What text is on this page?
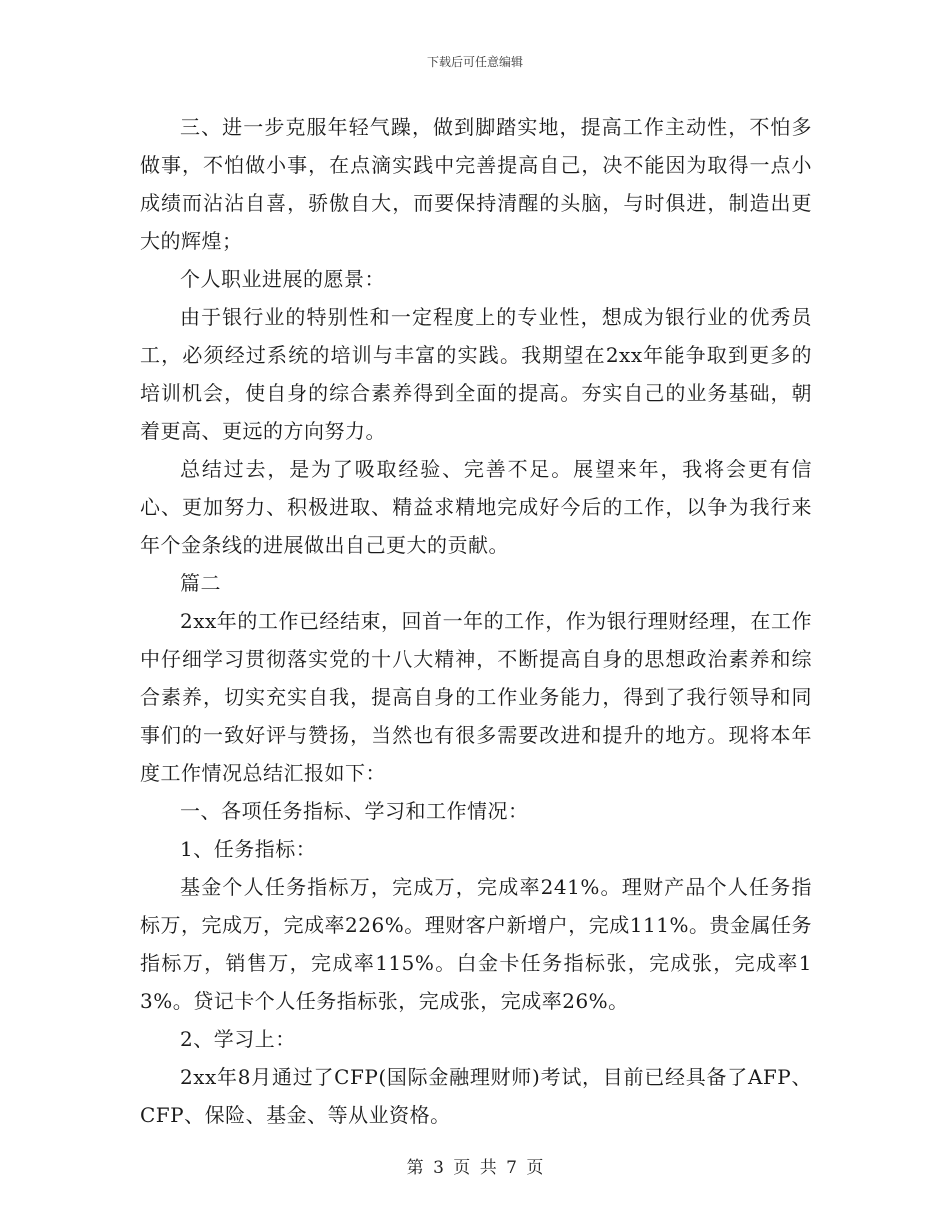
下载后可任意编辑

三、进一步克服年轻气躁，做到脚踏实地，提高工作主动性，不怕多做事，不怕做小事，在点滴实践中完善提高自己，决不能因为取得一点小成绩而沾沾自喜，骄傲自大，而要保持清醒的头脑，与时俱进，制造出更大的辉煌；

个人职业进展的愿景：

由于银行业的特别性和一定程度上的专业性，想成为银行业的优秀员工，必须经过系统的培训与丰富的实践。我期望在2xx年能争取到更多的培训机会，使自身的综合素养得到全面的提高。夯实自己的业务基础，朝着更高、更远的方向努力。

总结过去，是为了吸取经验、完善不足。展望来年，我将会更有信心、更加努力、积极进取、精益求精地完成好今后的工作，以争为我行来年个金条线的进展做出自己更大的贡献。

篇二

2xx年的工作已经结束，回首一年的工作，作为银行理财经理，在工作中仔细学习贯彻落实党的十八大精神，不断提高自身的思想政治素养和综合素养，切实充实自我，提高自身的工作业务能力，得到了我行领导和同事们的一致好评与赞扬，当然也有很多需要改进和提升的地方。现将本年度工作情况总结汇报如下：

一、各项任务指标、学习和工作情况：

1、任务指标：

基金个人任务指标万，完成万，完成率241%。理财产品个人任务指标万，完成万，完成率226%。理财客户新增户，完成111%。贵金属任务指标万，销售万，完成率115%。白金卡任务指标张，完成张，完成率13%。贷记卡个人任务指标张，完成张，完成率26%。

2、学习上：

2xx年8月通过了CFP(国际金融理财师)考试，目前已经具备了AFP、CFP、保险、基金、等从业资格。

第 3 页 共 7 页
